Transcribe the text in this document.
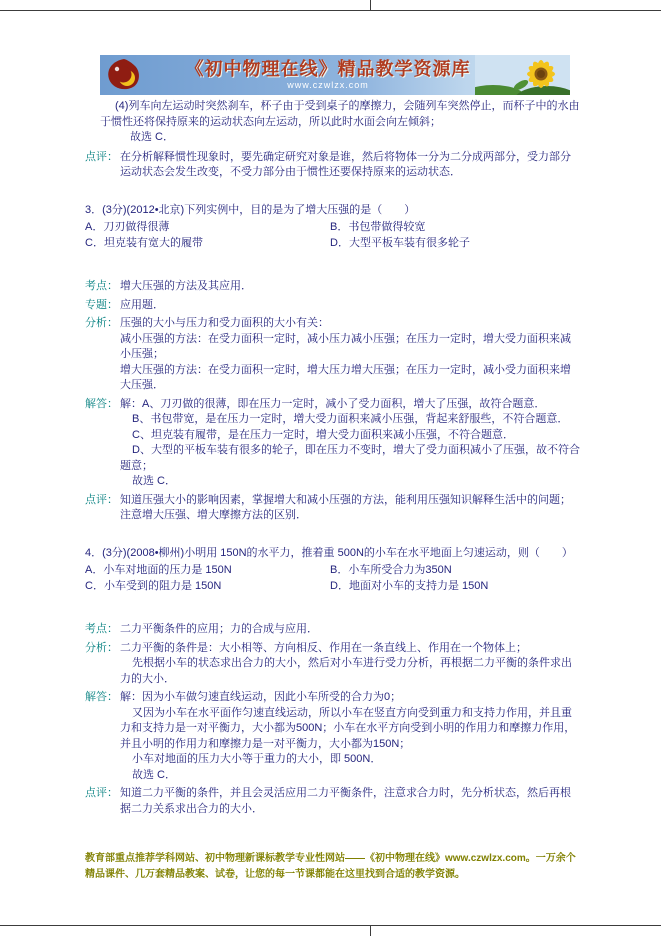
《初中物理在线》精品教学资源库
www.czwlzx.com
(4)列车向左运动时突然刹车，杯子由于受到桌子的摩擦力，会随列车突然停止，而杯子中的水由于惯性还将保持原来的运动状态向左运动，所以此时水面会向左倾斜；
故选 C．
点评： 在分析解释惯性现象时，要先确定研究对象是谁，然后将物体一分为二分成两部分，受力部分运动状态会发生改变，不受力部分由于惯性还要保持原来的运动状态．
3．(3分)(2012•北京)下列实例中，目的是为了增大压强的是（　　）
A．刀刃做得很薄	B．书包带做得较宽
C．坦克装有宽大的履带	D．大型平板车装有很多轮子
考点： 增大压强的方法及其应用．
专题： 应用题．
分析： 压强的大小与压力和受力面积的大小有关：
减小压强的方法：在受力面积一定时，减小压力减小压强；在压力一定时，增大受力面积来减小压强；
增大压强的方法：在受力面积一定时，增大压力增大压强；在压力一定时，减小受力面积来增大压强．
解答： 解：A、刀刃做的很薄，即在压力一定时，减小了受力面积，增大了压强，故符合题意．
B、书包带宽，是在压力一定时，增大受力面积来减小压强，背起来舒服些，不符合题意．
C、坦克装有履带，是在压力一定时，增大受力面积来减小压强，不符合题意．
D、大型的平板车装有很多的轮子，即在压力不变时，增大了受力面积减小了压强，故不符合题意；
故选 C．
点评： 知道压强大小的影响因素，掌握增大和减小压强的方法，能利用压强知识解释生活中的问题；注意增大压强、增大摩擦方法的区别．
4．(3分)(2008•柳州)小明用 150N的水平力，推着重 500N的小车在水平地面上匀速运动，则（　　）
A．小车对地面的压力是 150N	B．小车所受合力为350N
C．小车受到的阻力是 150N	D．地面对小车的支持力是 150N
考点： 二力平衡条件的应用；力的合成与应用．
分析： 二力平衡的条件是：大小相等、方向相反、作用在一条直线上、作用在一个物体上；
先根据小车的状态求出合力的大小，然后对小车进行受力分析，再根据二力平衡的条件求出力的大小．
解答： 解：因为小车做匀速直线运动，因此小车所受的合力为0；
又因为小车在水平面作匀速直线运动，所以小车在竖直方向受到重力和支持力作用，并且重力和支持力是一对平衡力，大小都为500N；小车在水平方向受到小明的作用力和摩擦力作用，并且小明的作用力和摩擦力是一对平衡力，大小都为150N；
小车对地面的压力大小等于重力的大小，即 500N．
故选 C．
点评： 知道二力平衡的条件，并且会灵活应用二力平衡条件，注意求合力时，先分析状态，然后再根据二力关系求出合力的大小．
教育部重点推荐学科网站、初中物理新课标教学专业性网站——《初中物理在线》www.czwlzx.com。一万余个精品课件、几万套精品教案、试卷，让您的每一节课都能在这里找到合适的教学资源。
